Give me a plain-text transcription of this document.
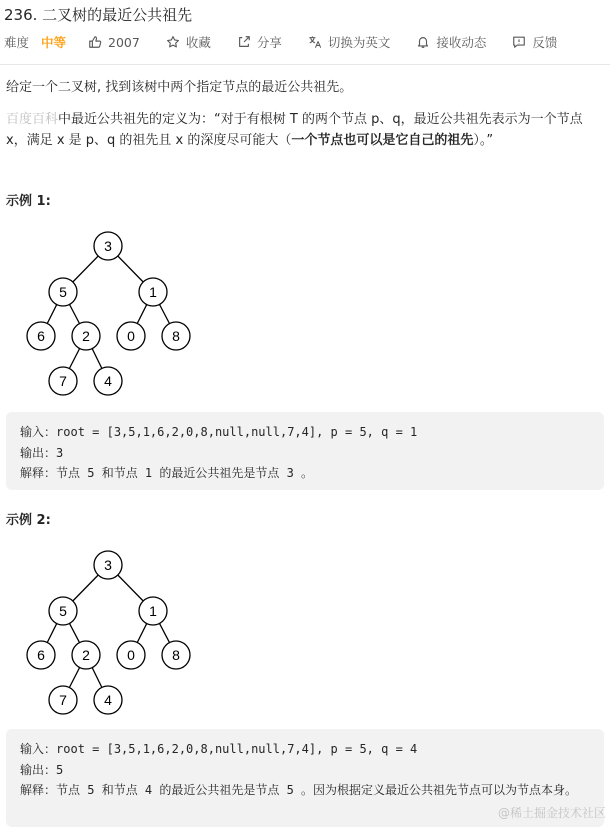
236. 二叉树的最近公共祖先
难度 中等	2007	收藏	分享	切换为英文	接收动态	反馈
给定一个二叉树, 找到该树中两个指定节点的最近公共祖先。
百度百科中最近公共祖先的定义为：“对于有根树 T 的两个节点 p、q，最近公共祖先表示为一个节点 x，满足 x 是 p、q 的祖先且 x 的深度尽可能大（一个节点也可以是它自己的祖先）。”
示例 1:
3
5	1
6	2	0	8
7	4
输入：root = [3,5,1,6,2,0,8,null,null,7,4], p = 5, q = 1
输出：3
解释：节点 5 和节点 1 的最近公共祖先是节点 3 。
示例 2:
3
5	1
6	2	0	8
7	4
输入：root = [3,5,1,6,2,0,8,null,null,7,4], p = 5, q = 4
输出：5
解释：节点 5 和节点 4 的最近公共祖先是节点 5 。因为根据定义最近公共祖先节点可以为节点本身。
@稀土掘金技术社区
